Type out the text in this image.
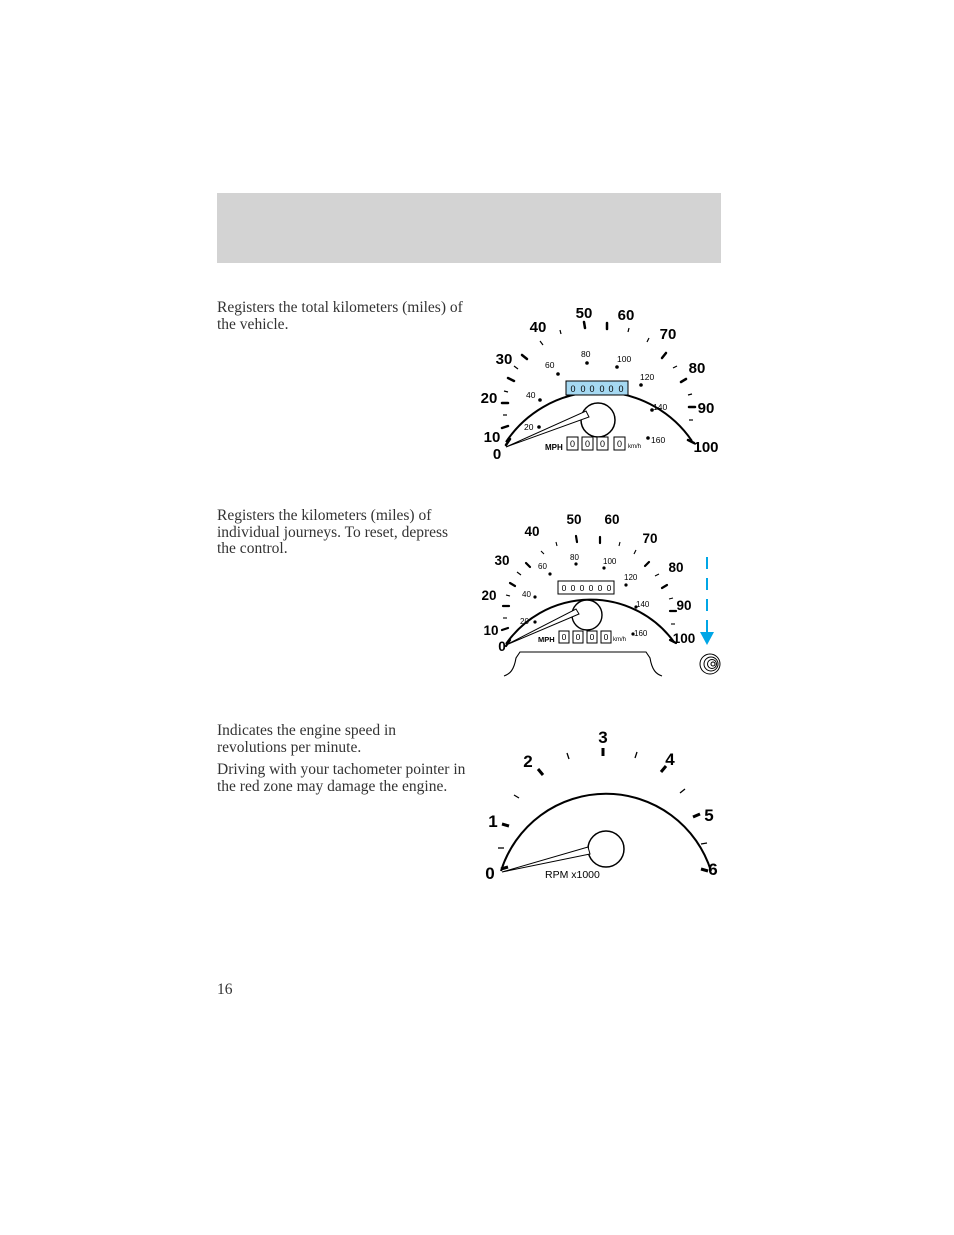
Registers the total kilometers (miles) of the vehicle.

Registers the kilometers (miles) of individual journeys. To reset, depress the control.

Indicates the engine speed in revolutions per minute.

Driving with your tachometer pointer in the red zone may damage the engine.

0
10
20
30
40
50 60
70
80
90
100
20
40
60
80	100
120
140
160
0 0 0 0 0 0
MPH 0 0 0 0 km/h
0
10
20
30
40
50 60
70
80
90
100
20
40
60
80	100
120
140
160
0 0 0 0 0 0
MPH 0 0 0 0 km/h
0
1
2
3
4
5
6
RPM x1000
16
